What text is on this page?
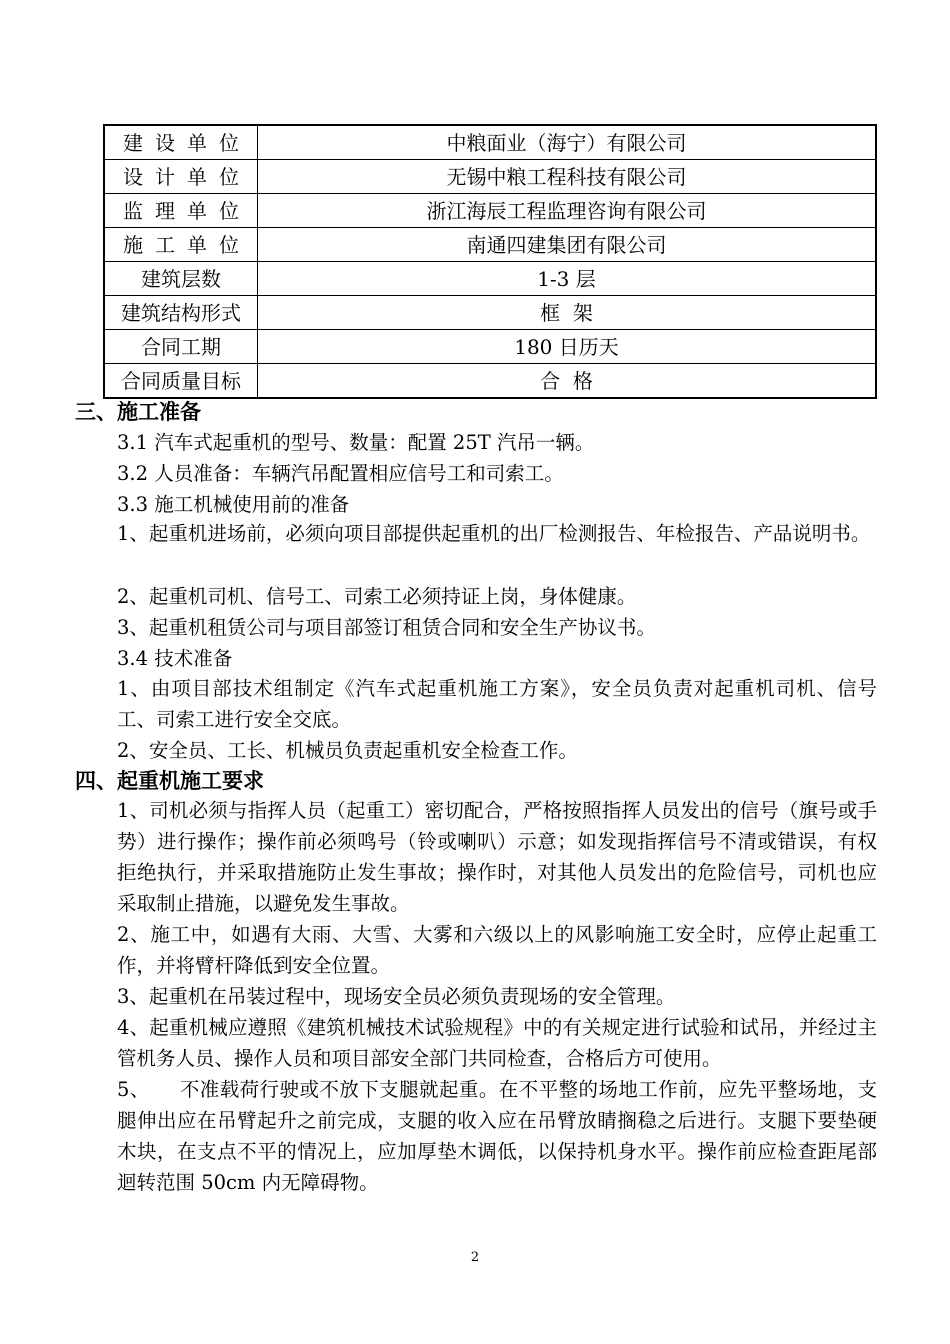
建设单位	中粮面业（海宁）有限公司
设计单位	无锡中粮工程科技有限公司
监理单位	浙江海辰工程监理咨询有限公司
施工单位	南通四建集团有限公司
建筑层数	1-3 层
建筑结构形式	框  架
合同工期	180 日历天
合同质量目标	合  格
三、施工准备
3.1 汽车式起重机的型号、数量：配置 25T 汽吊一辆。
3.2 人员准备：车辆汽吊配置相应信号工和司索工。
3.3 施工机械使用前的准备
1、起重机进场前，必须向项目部提供起重机的出厂检测报告、年检报告、产品说明书。
2、起重机司机、信号工、司索工必须持证上岗，身体健康。
3、起重机租赁公司与项目部签订租赁合同和安全生产协议书。
3.4 技术准备
1、由项目部技术组制定《汽车式起重机施工方案》，安全员负责对起重机司机、信号工、司索工进行安全交底。
2、安全员、工长、机械员负责起重机安全检查工作。
四、起重机施工要求
1、司机必须与指挥人员（起重工）密切配合，严格按照指挥人员发出的信号（旗号或手势）进行操作；操作前必须鸣号（铃或喇叭）示意；如发现指挥信号不清或错误，有权拒绝执行，并采取措施防止发生事故；操作时，对其他人员发出的危险信号，司机也应采取制止措施，以避免发生事故。
2、施工中，如遇有大雨、大雪、大雾和六级以上的风影响施工安全时，应停止起重工作，并将臂杆降低到安全位置。
3、起重机在吊装过程中，现场安全员必须负责现场的安全管理。
4、起重机械应遵照《建筑机械技术试验规程》中的有关规定进行试验和试吊，并经过主管机务人员、操作人员和项目部安全部门共同检查，合格后方可使用。
5、　　不准载荷行驶或不放下支腿就起重。在不平整的场地工作前，应先平整场地，支腿伸出应在吊臂起升之前完成，支腿的收入应在吊臂放睛搁稳之后进行。支腿下要垫硬木块，在支点不平的情况上，应加厚垫木调低，以保持机身水平。操作前应检查距尾部迴转范围 50cm 内无障碍物。
2
